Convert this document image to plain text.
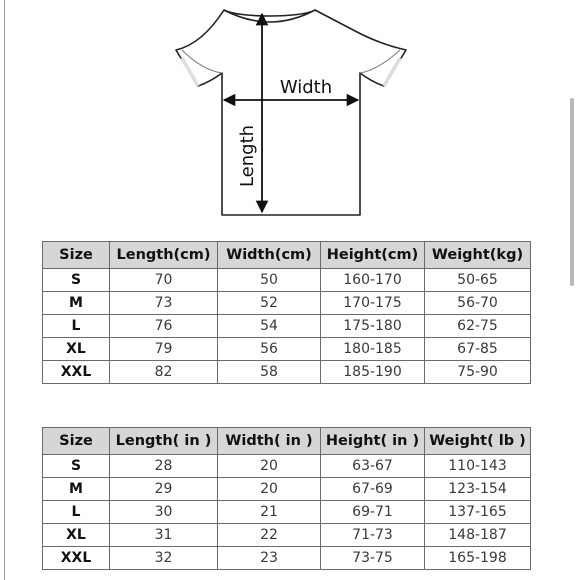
Width
Length
Size	Length(cm)	Width(cm)	Height(cm)	Weight(kg)
S	70	50	160-170	50-65
M	73	52	170-175	56-70
L	76	54	175-180	62-75
XL	79	56	180-185	67-85
XXL	82	58	185-190	75-90
Size	Length( in )	Width( in )	Height( in )	Weight( lb )
S	28	20	63-67	110-143
M	29	20	67-69	123-154
L	30	21	69-71	137-165
XL	31	22	71-73	148-187
XXL	32	23	73-75	165-198
